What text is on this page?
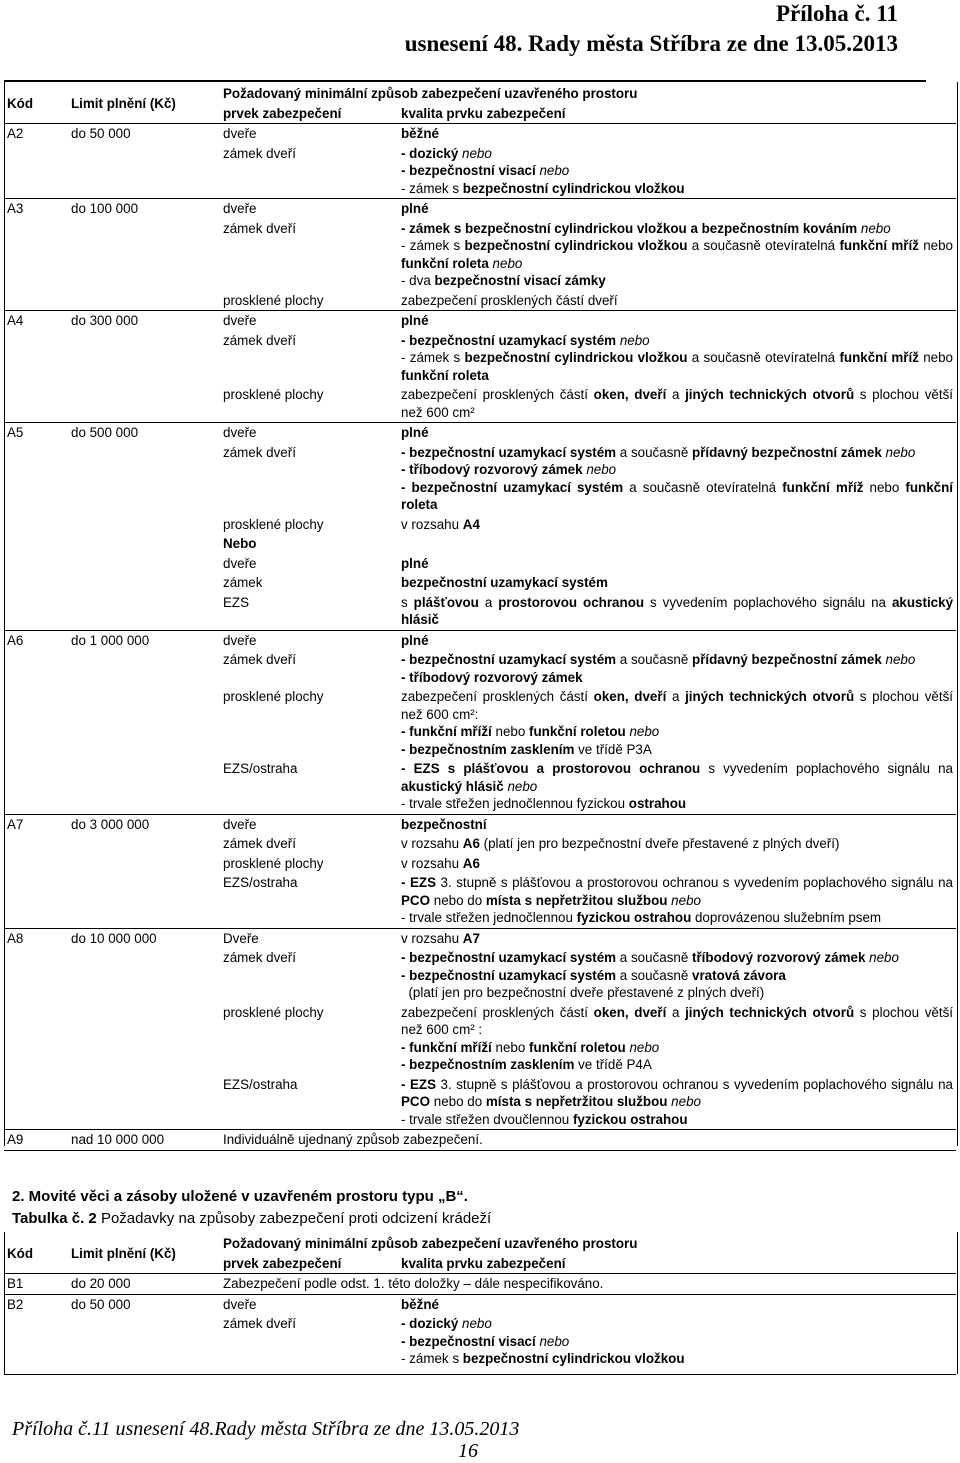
Příloha č. 11
usnesení 48. Rady města Stříbra ze dne 13.05.2013
Kód	Limit plnění (Kč)	Požadovaný minimální způsob zabezpečení uzavřeného prostoru	
		prvek zabezpečení	kvalita prvku zabezpečení
A2	do 50 000	dveře	běžné
		zámek dveří	- dozický nebo
- bezpečnostní visací nebo
- zámek s bezpečnostní cylindrickou vložkou
A3	do 100 000	dveře	plné
		zámek dveří	- zámek s bezpečnostní cylindrickou vložkou a bezpečnostním kováním nebo
- zámek s bezpečnostní cylindrickou vložkou a současně otevíratelná funkční mříž nebo funkční roleta nebo
- dva bezpečnostní visací zámky
		prosklené plochy	zabezpečení prosklených částí dveří
A4	do 300 000	dveře	plné
		zámek dveří	- bezpečnostní uzamykací systém nebo
- zámek s bezpečnostní cylindrickou vložkou a současně otevíratelná funkční mříž nebo funkční roleta
		prosklené plochy	zabezpečení prosklených částí oken, dveří a jiných technických otvorů s plochou větší než 600 cm²
A5	do 500 000	dveře	plné
		zámek dveří	- bezpečnostní uzamykací systém a současně přídavný bezpečnostní zámek nebo
- tříbodový rozvorový zámek nebo
- bezpečnostní uzamykací systém a současně otevíratelná funkční mříž nebo funkční roleta
		prosklené plochy	v rozsahu A4
		Nebo	
		dveře	plné
		zámek	bezpečnostní uzamykací systém
		EZS	s plášťovou a prostorovou ochranou s vyvedením poplachového signálu na akustický hlásič
A6	do 1 000 000	dveře	plné
		zámek dveří	- bezpečnostní uzamykací systém a současně přídavný bezpečnostní zámek nebo
- tříbodový rozvorový zámek
		prosklené plochy	zabezpečení prosklených částí oken, dveří a jiných technických otvorů s plochou větší než 600 cm²:
- funkční mříží nebo funkční roletou nebo
- bezpečnostním zasklením ve třídě P3A
		EZS/ostraha	- EZS s plášťovou a prostorovou ochranou s vyvedením poplachového signálu na akustický hlásič nebo
- trvale střežen jednočlennou fyzickou ostrahou
A7	do 3 000 000	dveře	bezpečnostní
		zámek dveří	v rozsahu A6 (platí jen pro bezpečnostní dveře přestavené z plných dveří)
		prosklené plochy	v rozsahu A6
		EZS/ostraha	- EZS 3. stupně s plášťovou a prostorovou ochranou s vyvedením poplachového signálu na PCO nebo do místa s nepřetržitou službou nebo
- trvale střežen jednočlennou fyzickou ostrahou doprovázenou služebním psem
A8	do 10 000 000	Dveře	v rozsahu A7
		zámek dveří	- bezpečnostní uzamykací systém a současně tříbodový rozvorový zámek nebo
- bezpečnostní uzamykací systém a současně vratová závora
(platí jen pro bezpečnostní dveře přestavené z plných dveří)
		prosklené plochy	zabezpečení prosklených částí oken, dveří a jiných technických otvorů s plochou větší než 600 cm² :
- funkční mříží nebo funkční roletou nebo
- bezpečnostním zasklením ve třídě P4A
		EZS/ostraha	- EZS 3. stupně s plášťovou a prostorovou ochranou s vyvedením poplachového signálu na PCO nebo do místa s nepřetržitou službou nebo
- trvale střežen dvoučlennou fyzickou ostrahou
A9	nad 10 000 000	Individuálně ujednaný způsob zabezpečení.	
2. Movité věci a zásoby uložené v uzavřeném prostoru typu „B“.
Tabulka č. 2 Požadavky na způsoby zabezpečení proti odcizení krádeží
Kód	Limit plnění (Kč)	Požadovaný minimální způsob zabezpečení uzavřeného prostoru	
		prvek zabezpečení	kvalita prvku zabezpečení
B1	do 20 000	Zabezpečení podle odst. 1. této doložky – dále nespecifikováno.	
B2	do 50 000	dveře	běžné
		zámek dveří	- dozický nebo
- bezpečnostní visací nebo
- zámek s bezpečnostní cylindrickou vložkou
Příloha č.11 usnesení 48.Rady města Stříbra ze dne 13.05.2013
16
